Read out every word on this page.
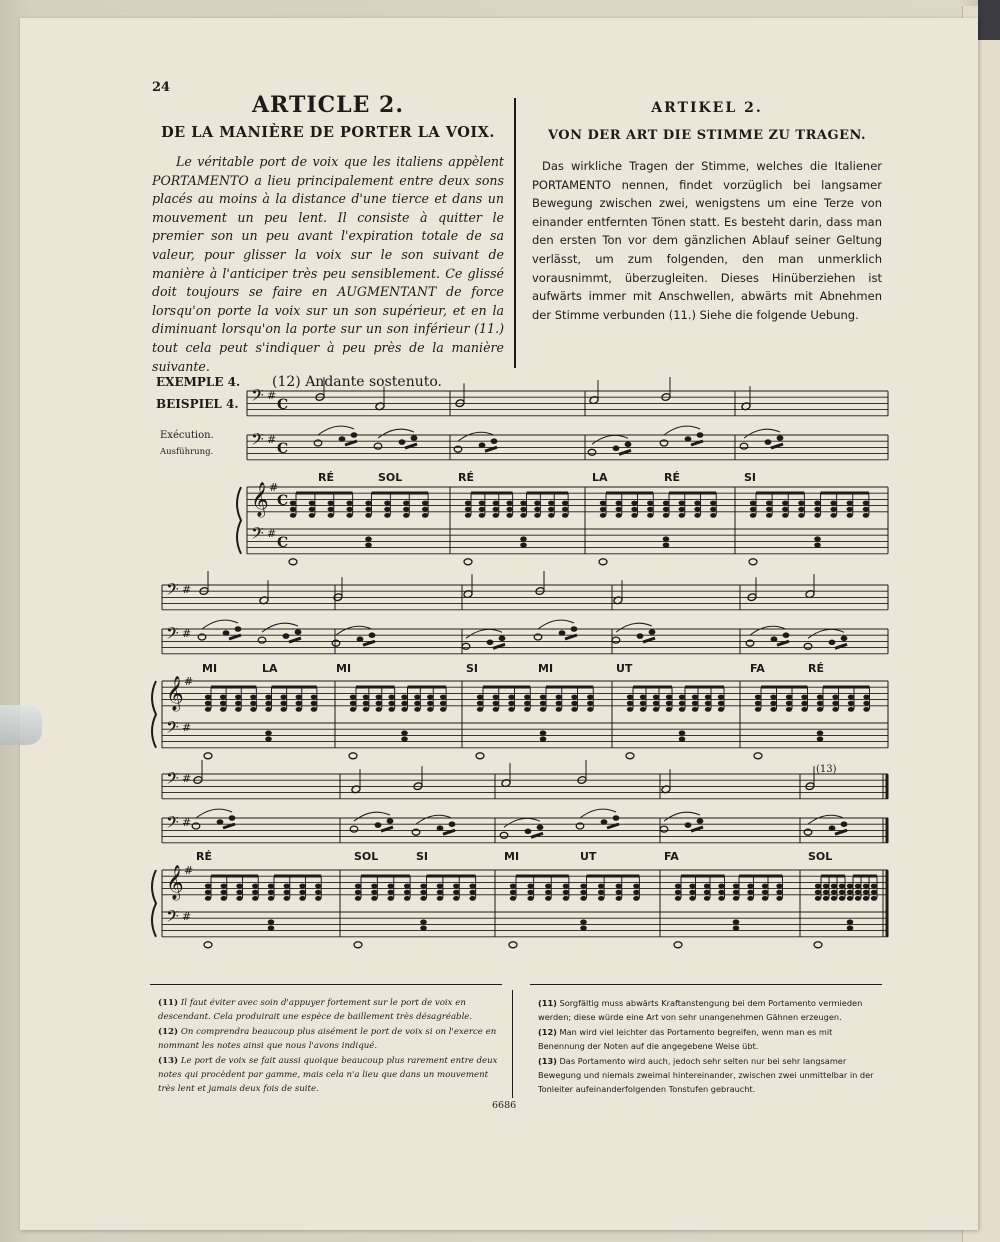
24
ARTICLE 2.
DE LA MANIÈRE DE PORTER LA VOIX.

Le véritable port de voix que les italiens appèlent PORTAMENTO a lieu principalement entre deux sons placés au moins à la distance d'une tierce et dans un mouvement un peu lent. Il consiste à quitter le premier son un peu avant l'expiration totale de sa valeur, pour glisser la voix sur le son suivant de manière à l'anticiper très peu sensiblement. Ce glissé doit toujours se faire en AUGMENTANT de force lorsqu'on porte la voix sur un son supérieur, et en la diminuant lorsqu'on la porte sur un son inférieur (11.) tout cela peut s'indiquer à peu près de la manière suivante.

ARTIKEL 2.
VON DER ART DIE STIMME ZU TRAGEN.

Das wirkliche Tragen der Stimme, welches die Italiener PORTAMENTO nennen, findet vorzüglich bei langsamer Bewegung zwischen zwei, wenigstens um eine Terze von einander entfernten Tönen statt. Es besteht darin, dass man den ersten Ton vor dem gänzlichen Ablauf seiner Geltung verlässt, um zum folgenden, den man unmerklich vorausnimmt, überzugleiten. Dieses Hinüberziehen ist aufwärts immer mit Anschwellen, abwärts mit Abnehmen der Stimme verbunden (11.) Siehe die folgende Uebung.

EXEMPLE 4.
BEISPIEL 4.
(12) Andante sostenuto.
Exécution.
Ausführung.
(13)
𝄢 #
𝄢 #
𝄞 #
𝄢 #
C
C
C
C
𝄢 #
𝄢 #
𝄞 #
𝄢 #
𝄢 #
𝄢 #
𝄞 #
𝄢 #
RÉ	SOL	RÉ	LA	RÉ	SI
MI	LA	MI	SI	MI	UT	FA	RÉ
RÉ	SOL	SI	MI	UT	FA	SOL

(11) Il faut éviter avec soin d'appuyer fortement sur le port de voix en descendant. Cela produirait une espèce de baillement très désagréable.

(12) On comprendra beaucoup plus aisément le port de voix si on l'exerce en nommant les notes ainsi que nous l'avons indiqué.

(13) Le port de voix se fait aussi quoique beaucoup plus rarement entre deux notes qui procèdent par gamme, mais cela n'a lieu que dans un mouvement très lent et jamais deux fois de suite.

(11) Sorgfältig muss abwärts Kraftanstengung bei dem Portamento vermieden werden; diese würde eine Art von sehr unangenehmen Gähnen erzeugen.

(12) Man wird viel leichter das Portamento begreifen, wenn man es mit Benennung der Noten auf die angegebene Weise übt.

(13) Das Portamento wird auch, jedoch sehr selten nur bei sehr langsamer Bewegung und niemals zweimal hintereinander, zwischen zwei unmittelbar in der Tonleiter aufeinanderfolgenden Tonstufen gebraucht.

6686
